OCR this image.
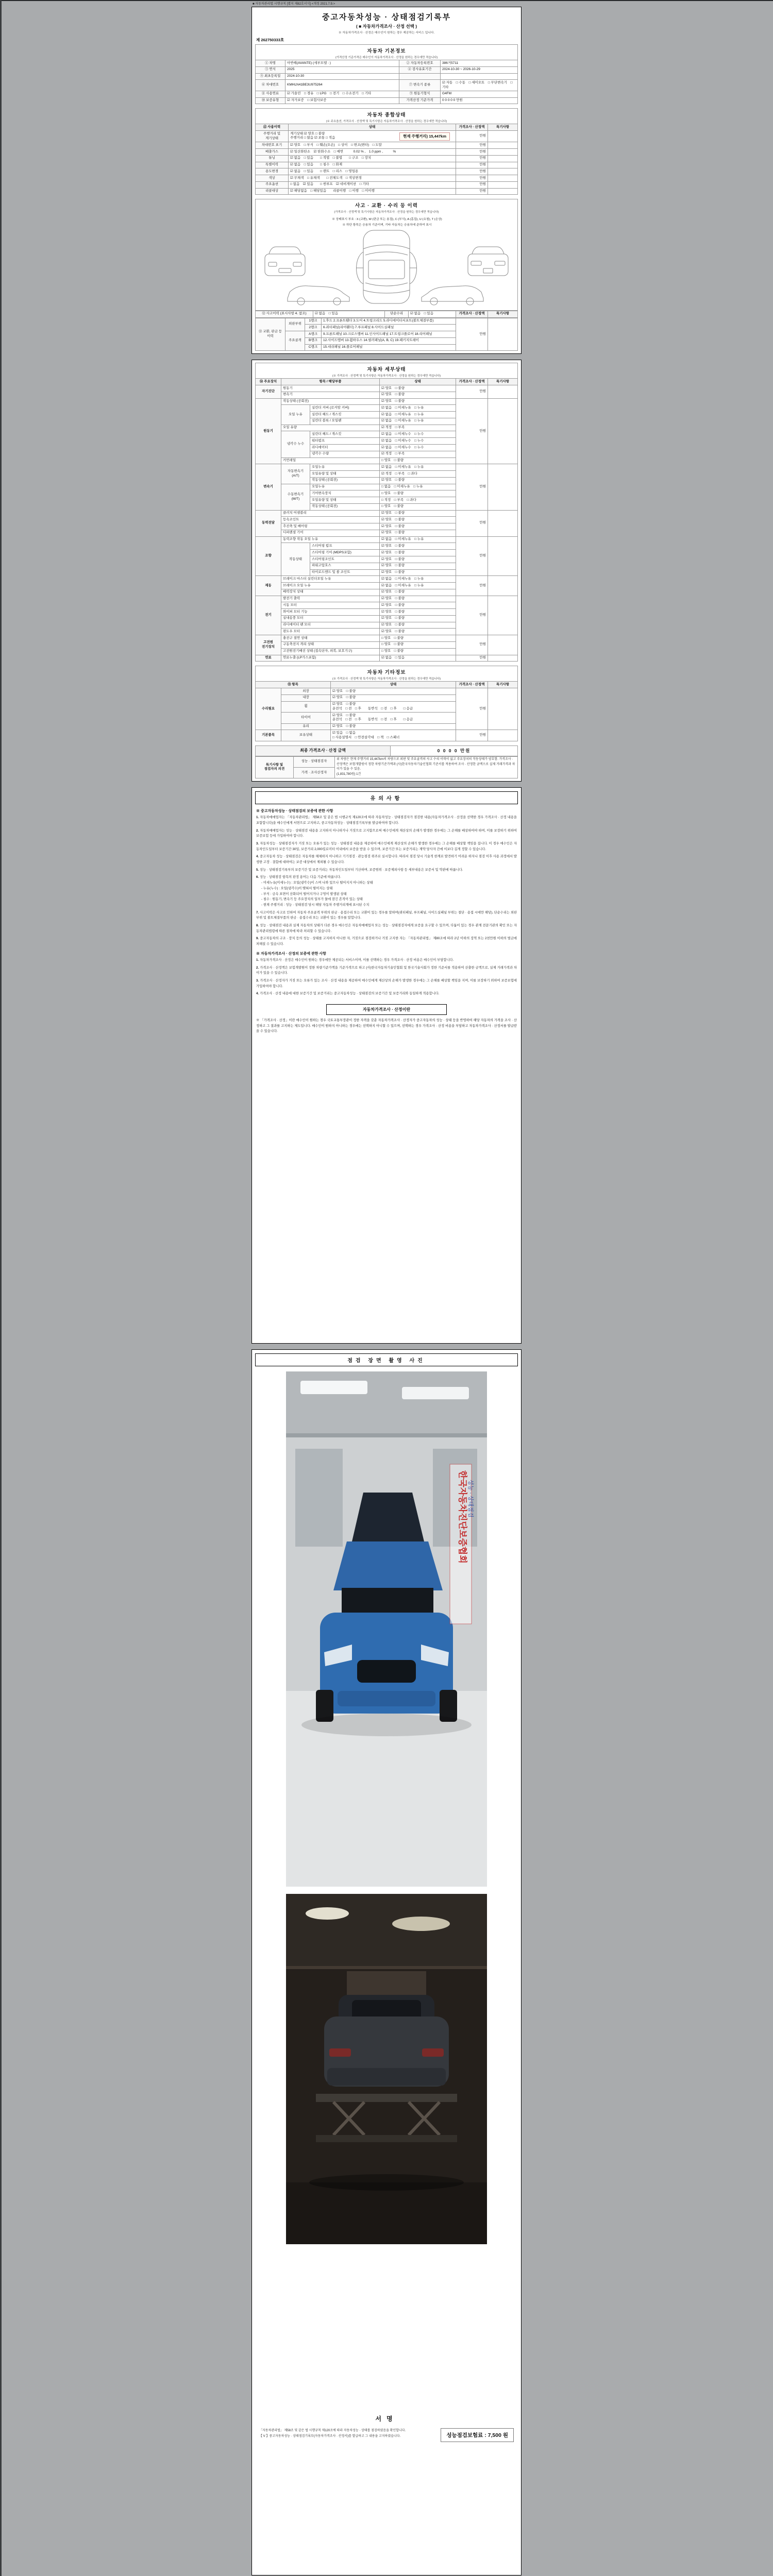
■ 자동차관리법 시행규칙 [별지 제82호서식] <개정 2021.7.9.>
중고자동차성능 · 상태점검기록부
( ■ 자동차가격조사 · 산정 선택 )
※ 자동차가격조사 · 산정은 매수인이 원하는 경우 제공하는 서비스 입니다.
제 262750333호
자동차 기본정보
(가격산정 기준가격은 매수인이 자동차가격조사 · 산정을 원하는 경우에만 적습니다)
① 차명	아반떼(AVANTE) (세부모델 : )	② 자동차등록번호	386거5711
③ 연식	2025	④ 검사유효기간	2024-10-30 ~ 2026-10-29
⑤ 최초등록일	2024-10-30		
⑥ 차대번호	KMHLN41BE3U975264	⑦ 변속기 종류	☑ 자동　□ 수동　□ 세미오토　□ 무단변속기　□ 기타
⑧ 사용연료	☑ 가솔린　□ 경유　□ LPG　□ 전기　□ 수소전기　□ 기타	⑨ 원동기형식	G4FM
⑩ 보증유형	☑ 자가보증　□ 보험사보증	가격산정 기준가격	0 0 0 0 0 만원
자동차 종합상태
(※ 주요옵션, 가격조사 · 산정액 및 특기사항은 자동차가격조사 · 산정을 원하는 경우에만 적습니다)
⑪ 사용이력	상태	가격조사 · 산정액	특기사항
주행거리 및
계기상태	현재 주행거리) 15,447km
계기상태 ☑ 양호 □ 불량
주행거리 □ 많음 ☑ 보통 □ 적음	만원	
차대번호 표기	☑ 양호　□ 부식　□ 훼손(오손)　□ 상이　□ 변조(변타)　□ 도말	만원	
배출가스	☑ 일산화탄소　☑ 탄화수소　□ 매연　　　0.02 % ,　1.0 ppm ,　　　%	만원	
튜닝	☑ 없음　□ 있음　　□ 적법　□ 불법　　□ 구조　□ 장치	만원	
특별이력	☑ 없음　□ 있음　　□ 침수　□ 화재	만원	
용도변경	☑ 없음　□ 있음　　□ 렌트　□ 리스　□ 영업용	만원	
색상	☑ 무채색　□ 유채색　　□ 전체도색　□ 색상변경	만원	
주요옵션	□ 없음　☑ 있음　　□ 썬루프　☑ 네비게이션　□ 기타	만원	
리콜대상	☑ 해당없음　□ 해당있음　　리콜이행　□ 이행　□ 미이행	만원	
사고 · 교환 · 수리 등 이력
(가격조사 · 산정액 및 특기사항은 자동차가격조사 · 산정을 원하는 경우에만 적습니다)
※ 상태표시 부호 : X (교환), W (판금 또는 용접), C (부식), A (흠집), U (요철), T (손상)
※ 하단 항목은 승용차 기준이며, 기타 자동차는 승용차에 준하여 표시
⑫ 사고이력 (표시사항 4. 참조)	☑ 없음　□ 있음	단순수리	☑ 없음　□ 있음	가격조사 · 산정액	특기사항
⑬ 교환, 판금 등 이력	외판부위	1랭크	1.후드 2.프론트휀더 3.도어 4.트렁크리드 5.라디에이터서포트(볼트체결부품)	만원	
		2랭크	6.쿼터패널(리어휀더) 7.루프패널 8.사이드실패널		
	주요골격	A랭크	9.프론트패널 10.크로스멤버 11.인사이드패널 17.트렁크플로어 18.리어패널		
		B랭크	12.사이드멤버 13.휠하우스 14.필러패널(A, B, C) 19.패키지트레이		
		C랭크	15.대쉬패널 16.플로어패널		
자동차 세부상태
(※ 가격조사 · 산정액 및 특기사항은 자동차가격조사 · 산정을 원하는 경우에만 적습니다)
⑭ 주요장치	항목 / 해당부품		상태	가격조사 · 산정액	특기사항
자기진단	원동기		☑ 양호　□ 불량	만원	
	변속기		☑ 양호　□ 불량		
원동기	작동상태 (공회전)		☑ 양호　□ 불량	만원	
	오일 누유	실린더 커버 (로커암 커버)	☑ 없음　□ 미세누유　□ 누유		
		실린더 헤드 / 개스킷	☑ 없음　□ 미세누유　□ 누유		
		실린더 블록 / 오일팬	☑ 없음　□ 미세누유　□ 누유		
	오일 유량		☑ 적정　□ 부족		
	냉각수 누수	실린더 헤드 / 개스킷	☑ 없음　□ 미세누수　□ 누수		
		워터펌프	☑ 없음　□ 미세누수　□ 누수		
		라디에이터	☑ 없음　□ 미세누수　□ 누수		
		냉각수 수량	☑ 적정　□ 부족		
	커먼레일		□ 양호　□ 불량		
변속기	자동변속기
(A/T)	오일누유	☑ 없음　□ 미세누유　□ 누유	만원	
		오일유량 및 상태	☑ 적정　□ 부족　□ 과다		
		작동상태 (공회전)	☑ 양호　□ 불량		
	수동변속기
(M/T)	오일누유	□ 없음　□ 미세누유　□ 누유		
		기어변속장치	□ 양호　□ 불량		
		오일유량 및 상태	□ 적정　□ 부족　□ 과다		
		작동상태 (공회전)	□ 양호　□ 불량		
동력전달	클러치 어셈블리		☑ 양호　□ 불량	만원	
	등속조인트		☑ 양호　□ 불량		
	추진축 및 베어링		☑ 양호　□ 불량		
	디퍼렌셜 기어		☑ 양호　□ 불량		
조향	동력조향 작동 오일 누유		☑ 없음　□ 미세누유　□ 누유	만원	
	작동상태	스티어링 펌프	☑ 양호　□ 불량		
		스티어링 기어 (MDPS포함)	☑ 양호　□ 불량		
		스티어링조인트	☑ 양호　□ 불량		
		파워고압호스	☑ 양호　□ 불량		
		타이로드엔드 및 볼 조인트	☑ 양호　□ 불량		
제동	브레이크 마스터 실린더오일 누유		☑ 없음　□ 미세누유　□ 누유	만원	
	브레이크 오일 누유		☑ 없음　□ 미세누유　□ 누유		
	배력장치 상태		☑ 양호　□ 불량		
전기	발전기 출력		☑ 양호　□ 불량	만원	
	시동 모터		☑ 양호　□ 불량		
	와이퍼 모터 기능		☑ 양호　□ 불량		
	실내송풍 모터		☑ 양호　□ 불량		
	라디에이터 팬 모터		☑ 양호　□ 불량		
	윈도우 모터		☑ 양호　□ 불량		
고전원
전기장치	충전구 절연 상태		□ 양호　□ 불량	만원	
	구동축전지 격리 상태		□ 양호　□ 불량		
	고전원전기배선 상태 (접속단자, 피복, 보호기구)		□ 양호　□ 불량		
연료	연료누출 (LP가스포함)		☑ 없음　□ 있음	만원	
자동차 기타정보
(※ 가격조사 · 산정액 및 특기사항은 자동차가격조사 · 산정을 원하는 경우에만 적습니다)
⑮ 항목		상태	가격조사 · 산정액	특기사항
수리필요	외장	☑ 양호　□ 불량	만원	
	내장	☑ 양호　□ 불량		
	휠	☑ 양호　□ 불량
운전석　□ 전　□ 후　　동반석　□ 전　□ 후　　□ 응급		
	타이어	☑ 양호　□ 불량
운전석　□ 전　□ 후　　동반석　□ 전　□ 후　　□ 응급		
	유리	☑ 양호　□ 불량		
기본품목	보유상태	☑ 있음　□ 없음
□ 사용설명서　□ 안전삼각대　□ 잭　□ 스패너	만원	
최종 가격조사 · 산정 금액	0 0 0 0 만원
특기사항 및
점검자의 의견	성능 · 상태점검자	위 차량은 현재 주행거리 15,447km의 차량으로 외판 및 주요골격의 사고 수리 이력이 없고 주요장치의 작동상태가 양호함. 가격조사 · 산정액은 보험개발원이 정한 차량기준가액과 (사)한국자동차기술인협회 기준서를 적용하여 조사 · 산정한 금액으로 실제 거래가격과 차이가 있을 수 있음.
(1,831,780원) 1건
가격 · 조사산정자
유의사항
※ 중고자동차성능 · 상태점검의 보증에 관한 사항
1. 자동차매매업자는 「자동차관리법」 제58조 및 같은 법 시행규칙 제120조에 따라 자동차성능 · 상태점검자가 점검한 내용(자동차가격조사 · 산정을 선택한 경우 가격조사 · 산정 내용을 포함합니다)을 매수인에게 서면으로 고지하고, 중고자동차성능 · 상태점검기록부를 발급하여야 합니다.
2. 자동차매매업자는 성능 · 상태점검 내용을 고지하지 아니하거나 거짓으로 고지함으로써 매수인에게 재산상의 손해가 발생한 경우에는 그 손해를 배상하여야 하며, 이를 보장하기 위하여 보증보험 등에 가입하여야 합니다.
3. 자동차성능 · 상태점검자가 거짓 또는 오류가 있는 성능 · 상태점검 내용을 제공하여 매수인에게 재산상의 손해가 발생한 경우에는 그 손해를 배상할 책임을 집니다. 이 경우 매수인은 자동차인도일부터 보증기간 30일, 보증거리 2,000킬로미터 이내에서 보증을 받을 수 있으며, 보증기간 또는 보증거리는 계약 당사자 간에 이보다 길게 정할 수 있습니다.
4. 중고자동차 성능 · 상태점검은 자동차를 해체하지 아니하고 기기점검 · 관능점검 위주로 실시합니다. 따라서 점검 당시 기술적 한계로 발견하기 어려운 하자나 점검 이후 사용 과정에서 발생한 고장 · 결함에 대하여는 보증 대상에서 제외될 수 있습니다.
5. 성능 · 상태점검기록부의 보증기간 및 보증거리는 자동차인도일부터 기산하며, 보증범위 · 보증제외사항 등 세부내용은 보증서 및 약관에 따릅니다.
6. 성능 · 상태점검 항목의 판정 용어는 다음 기준에 따릅니다.
- 미세누유(미세누수) : 오일(냉각수)이 스며 나와 있으나 떨어지지 아니하는 상태
- 누유(누수) : 오일(냉각수)이 맺혀서 떨어지는 상태
- 부식 : 금속 표면이 산화되어 떨어지거나 구멍이 발생된 상태
- 침수 : 원동기, 변속기 등 주요장치의 일부가 물에 잠긴 흔적이 있는 상태
- 현재 주행거리 : 성능 · 상태점검 당시 해당 자동차 주행거리계에 표시된 수치
7. 사고이력은 사고로 인하여 자동차 주요골격 부위의 판금 · 용접수리 또는 교환이 있는 경우를 말하며(쿼터패널, 루프패널, 사이드실패널 부위는 절단 · 용접 시에만 해당), 단순수리는 외판부위 및 볼트체결부품의 판금 · 용접수리 또는 교환이 있는 경우를 말합니다.
8. 성능 · 상태점검 내용과 실제 자동차의 상태가 다른 경우 매수인은 자동차매매업자 또는 성능 · 상태점검자에게 보증을 요구할 수 있으며, 다툼이 있는 경우 관계 전문기관의 확인 또는 자동차관리법령에 따른 절차에 따라 처리할 수 있습니다.
9. 중고자동차의 구조 · 장치 등의 성능 · 상태를 고지하지 아니한 자, 거짓으로 점검하거나 거짓 고지한 자는 「자동차관리법」 제80조에 따라 2년 이하의 징역 또는 2천만원 이하의 벌금에 처해질 수 있습니다.
※ 자동차가격조사 · 산정의 보증에 관한 사항
1. 자동차가격조사 · 산정은 매수인이 원하는 경우에만 제공되는 서비스이며, 이를 선택하는 경우 가격조사 · 산정 비용은 매수인이 부담합니다.
2. 가격조사 · 산정액은 보험개발원이 정한 차량기준가액을 기준가격으로 하고 (사)한국자동차기술인협회 및 한국기술사회가 정한 기준서를 적용하여 산출한 금액으로, 실제 거래가격과 차이가 있을 수 있습니다.
3. 가격조사 · 산정자가 거짓 또는 오류가 있는 조사 · 산정 내용을 제공하여 매수인에게 재산상의 손해가 발생한 경우에는 그 손해를 배상할 책임을 지며, 이를 보장하기 위하여 보증보험에 가입하여야 합니다.
4. 가격조사 · 산정 내용에 대한 보증기간 및 보증거리는 중고자동차성능 · 상태점검의 보증기간 및 보증거리와 동일하게 적용합니다.
자동차가격조사 · 산정이란
※ 「가격조사 · 산정」이란 매수인이 원하는 경우 국토교통부장관이 정한 자격을 갖춘 자동차가격조사 · 산정자가 중고자동차의 성능 · 상태 등을 반영하여 해당 자동차의 가격을 조사 · 산정하고 그 결과를 고지하는 제도입니다. 매수인이 원하지 아니하는 경우에는 선택하지 아니할 수 있으며, 선택하는 경우 가격조사 · 산정 비용을 부담하고 자동차가격조사 · 산정서를 발급받을 수 있습니다.
점검 장면 촬영 사진
한국자동차진단보증협회 성능 · 상태점검
서명
「자동차관리법」 제58조 및 같은 법 시행규칙 제120조에 따라 자동차성능 · 상태를 점검하였음을 확인합니다.
【 V 】중고자동차성능 · 상태점검기록부(자동차가격조사 · 산정서)를 발급하고 그 내용을 고지하였습니다.	성능점검보험료 : 7,500 원
